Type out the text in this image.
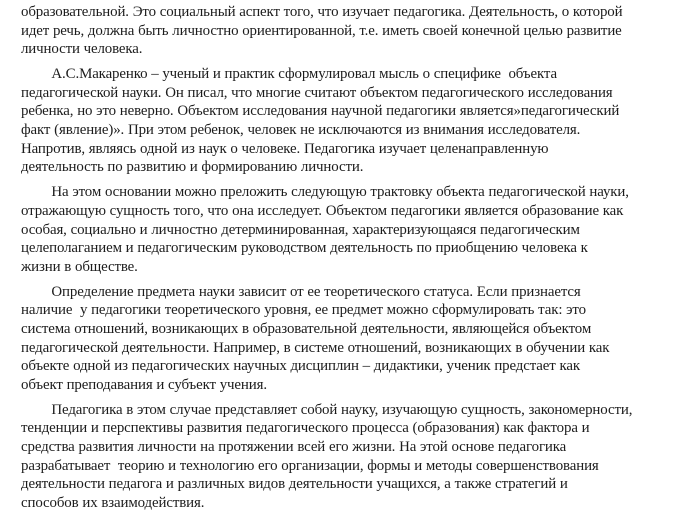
образовательной. Это социальный аспект того, что изучает педагогика. Деятельность, о которой
идет речь, должна быть личностно ориентированной, т.е. иметь своей конечной целью развитие
личности человека.
А.С.Макаренко – ученый и практик сформулировал мысль о специфике  объекта
педагогической науки. Он писал, что многие считают объектом педагогического исследования
ребенка, но это неверно. Объектом исследования научной педагогики является»педагогический
факт (явление)». При этом ребенок, человек не исключаются из внимания исследователя.
Напротив, являясь одной из наук о человеке. Педагогика изучает целенаправленную
деятельность по развитию и формированию личности.
На этом основании можно преложить следующую трактовку объекта педагогической науки,
отражающую сущность того, что она исследует. Объектом педагогики является образование как
особая, социально и личностно детерминированная, характеризующаяся педагогическим
целеполаганием и педагогическим руководством деятельность по приобщению человека к
жизни в обществе.
Определение предмета науки зависит от ее теоретического статуса. Если признается
наличие  у педагогики теоретического уровня, ее предмет можно сформулировать так: это
система отношений, возникающих в образовательной деятельности, являющейся объектом
педагогической деятельности. Например, в системе отношений, возникающих в обучении как
объекте одной из педагогических научных дисциплин – дидактики, ученик предстает как
объект преподавания и субъект учения.
Педагогика в этом случае представляет собой науку, изучающую сущность, закономерности,
тенденции и перспективы развития педагогического процесса (образования) как фактора и
средства развития личности на протяжении всей его жизни. На этой основе педагогика
разрабатывает  теорию и технологию его организации, формы и методы совершенствования
деятельности педагога и различных видов деятельности учащихся, а также стратегий и
способов их взаимодействия.
